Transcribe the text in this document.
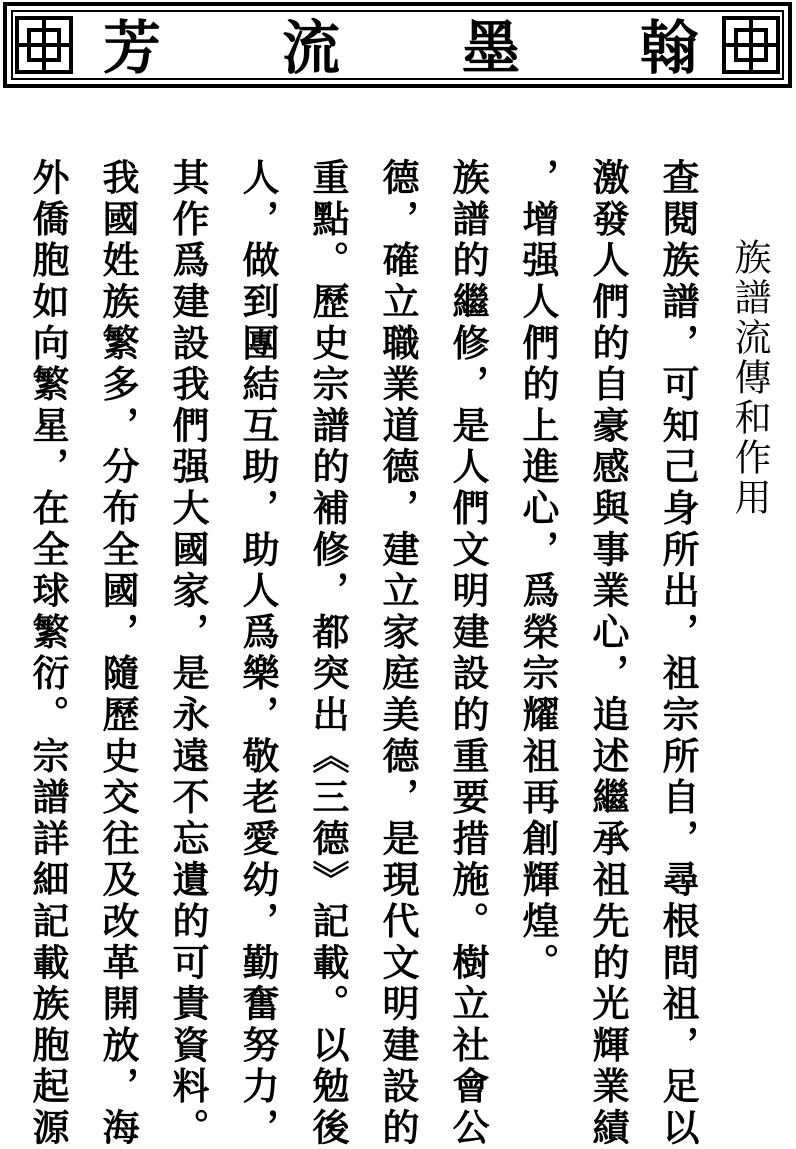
芳 流 墨 翰
族譜流傳和作用
查閱族譜，可知己身所出，祖宗所自，尋根問祖，足以
激發人們的自豪感與事業心，追述繼承祖先的光輝業績
，增强人們的上進心，爲榮宗耀祖再創輝煌。
族譜的繼修，是人們文明建設的重要措施。樹立社會公
德，確立職業道德，建立家庭美德，是現代文明建設的
重點。歷史宗譜的補修，都突出《三德》記載。以勉後
人，做到團結互助，助人爲樂，敬老愛幼，勤奮努力，
其作爲建設我們强大國家，是永遠不忘遺的可貴資料。
我國姓族繁多，分布全國，隨歷史交往及改革開放，海
外僑胞如向繁星，在全球繁衍。宗譜詳細記載族胞起源
